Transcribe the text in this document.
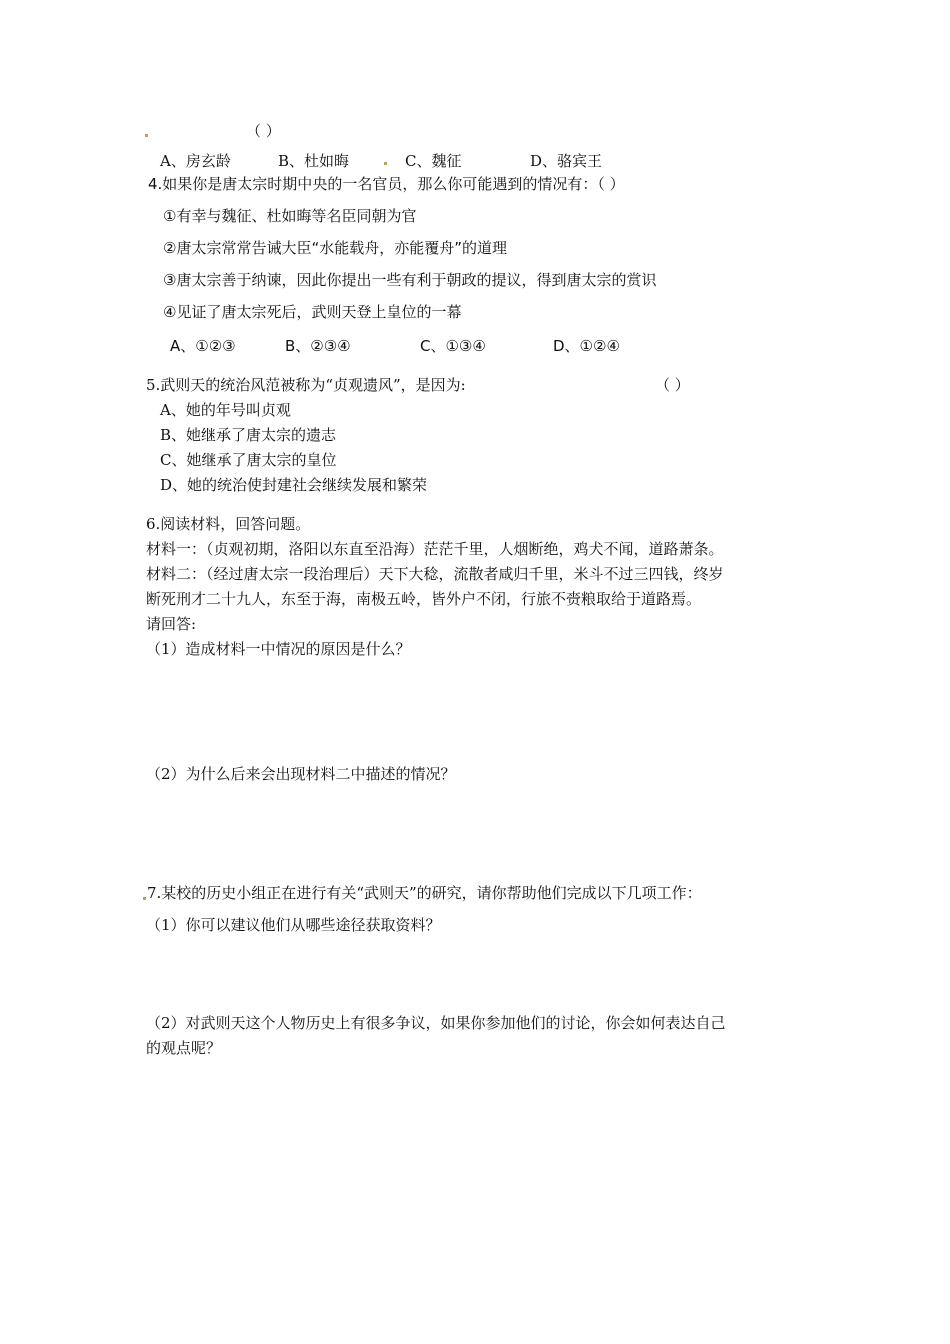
（ ）
A、房玄龄	B、杜如晦	C、魏征	D、骆宾王
4.如果你是唐太宗时期中央的一名官员，那么你可能遇到的情况有：（ ）
①有幸与魏征、杜如晦等名臣同朝为官
②唐太宗常常告诫大臣“水能载舟，亦能覆舟”的道理
③唐太宗善于纳谏，因此你提出一些有利于朝政的提议，得到唐太宗的赏识
④见证了唐太宗死后，武则天登上皇位的一幕
A、①②③	B、②③④	C、①③④	D、①②④
5.武则天的统治风范被称为“贞观遗风”，是因为:	（ ）
A、她的年号叫贞观
B、她继承了唐太宗的遗志
C、她继承了唐太宗的皇位
D、她的统治使封建社会继续发展和繁荣
6.阅读材料，回答问题。
材料一：（贞观初期，洛阳以东直至沿海）茫茫千里，人烟断绝，鸡犬不闻，道路萧条。
材料二：（经过唐太宗一段治理后）天下大稔，流散者咸归千里，米斗不过三四钱，终岁
断死刑才二十九人，东至于海，南极五岭，皆外户不闭，行旅不赍粮取给于道路焉。
请回答:
（1）造成材料一中情况的原因是什么？
（2）为什么后来会出现材料二中描述的情况？
7.某校的历史小组正在进行有关“武则天”的研究，请你帮助他们完成以下几项工作：
（1）你可以建议他们从哪些途径获取资料？
（2）对武则天这个人物历史上有很多争议，如果你参加他们的讨论，你会如何表达自己
的观点呢？
